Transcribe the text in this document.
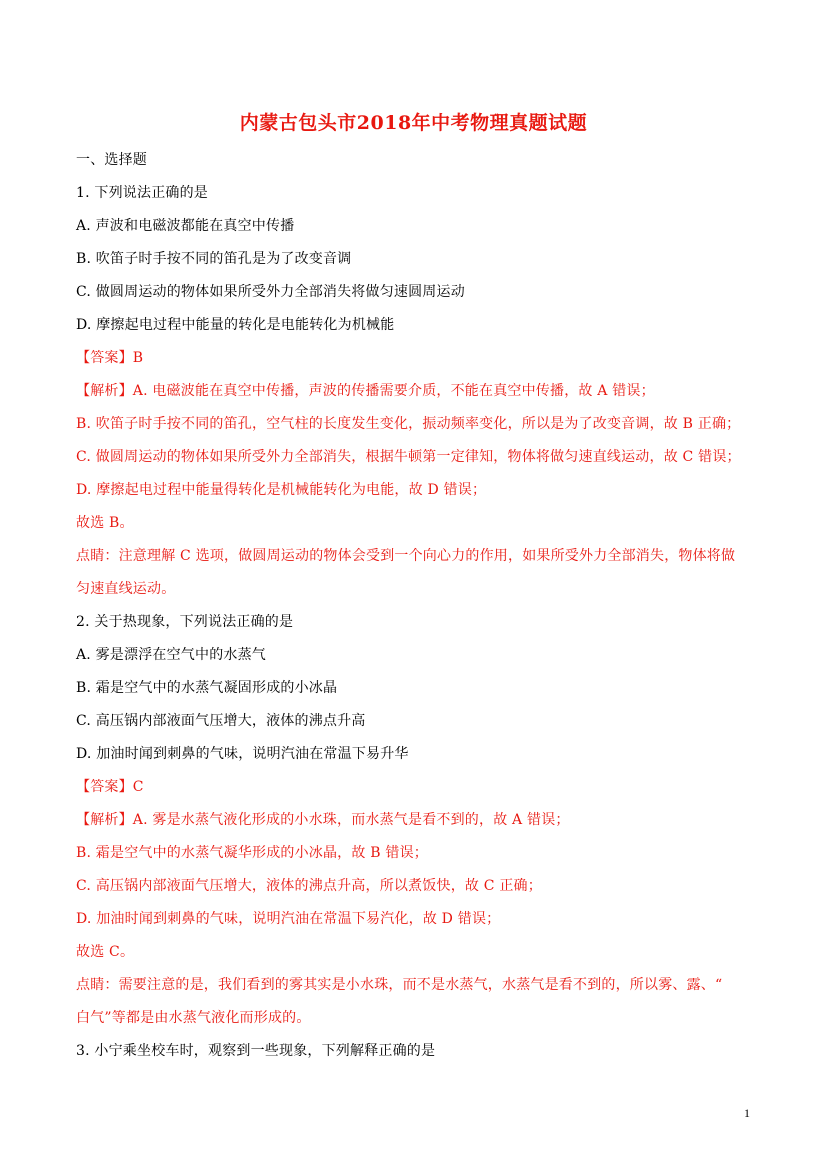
内蒙古包头市2018年中考物理真题试题
一、选择题
1. 下列说法正确的是
A. 声波和电磁波都能在真空中传播
B. 吹笛子时手按不同的笛孔是为了改变音调
C. 做圆周运动的物体如果所受外力全部消失将做匀速圆周运动
D. 摩擦起电过程中能量的转化是电能转化为机械能
【答案】B
【解析】A. 电磁波能在真空中传播，声波的传播需要介质，不能在真空中传播，故 A 错误；
B. 吹笛子时手按不同的笛孔，空气柱的长度发生变化，振动频率变化，所以是为了改变音调，故 B 正确；
C. 做圆周运动的物体如果所受外力全部消失，根据牛顿第一定律知，物体将做匀速直线运动，故 C 错误；
D. 摩擦起电过程中能量得转化是机械能转化为电能，故 D 错误；
故选 B。
点睛：注意理解 C 选项，做圆周运动的物体会受到一个向心力的作用，如果所受外力全部消失，物体将做
匀速直线运动。
2. 关于热现象，下列说法正确的是
A. 雾是漂浮在空气中的水蒸气
B. 霜是空气中的水蒸气凝固形成的小冰晶
C. 高压锅内部液面气压增大，液体的沸点升高
D. 加油时闻到刺鼻的气味，说明汽油在常温下易升华
【答案】C
【解析】A. 雾是水蒸气液化形成的小水珠，而水蒸气是看不到的，故 A 错误；
B. 霜是空气中的水蒸气凝华形成的小冰晶，故 B 错误；
C. 高压锅内部液面气压增大，液体的沸点升高，所以煮饭快，故 C 正确；
D. 加油时闻到刺鼻的气味，说明汽油在常温下易汽化，故 D 错误；
故选 C。
点睛：需要注意的是，我们看到的雾其实是小水珠，而不是水蒸气，水蒸气是看不到的，所以雾、露、“
白气”等都是由水蒸气液化而形成的。
3. 小宁乘坐校车时，观察到一些现象，下列解释正确的是
1
